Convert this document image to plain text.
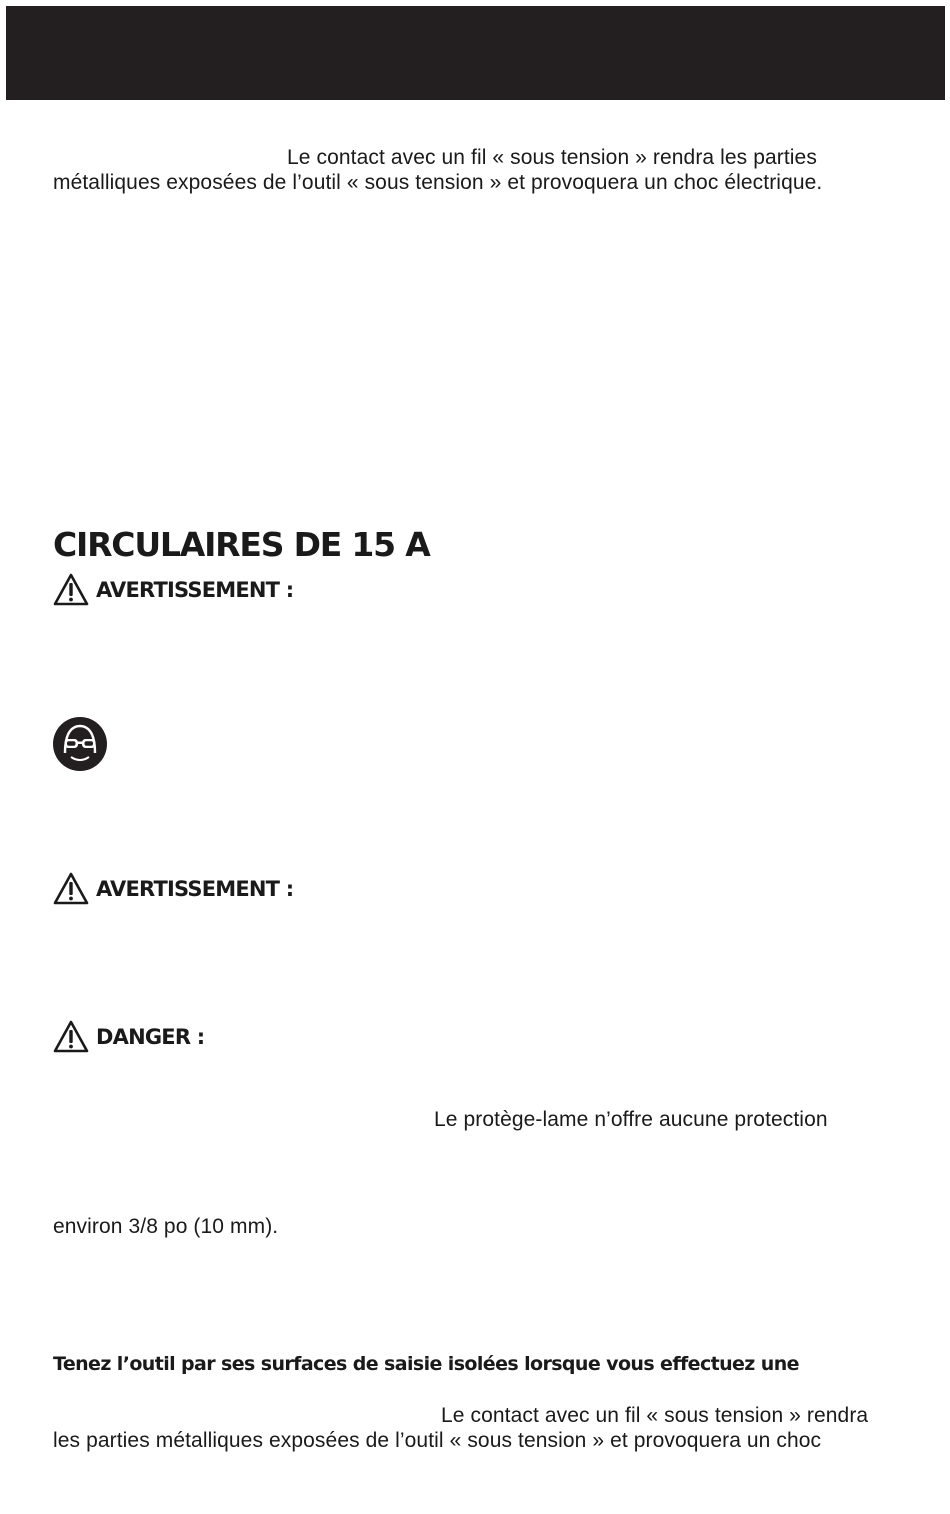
Le contact avec un fil « sous tension » rendra les parties
métalliques exposées de l’outil « sous tension » et provoquera un choc électrique.
CIRCULAIRES DE 15 A
AVERTISSEMENT :
AVERTISSEMENT :
DANGER :
Le protège-lame n’offre aucune protection
environ 3/8 po (10 mm).
Tenez l’outil par ses surfaces de saisie isolées lorsque vous effectuez une
Le contact avec un fil « sous tension » rendra
les parties métalliques exposées de l’outil « sous tension » et provoquera un choc
